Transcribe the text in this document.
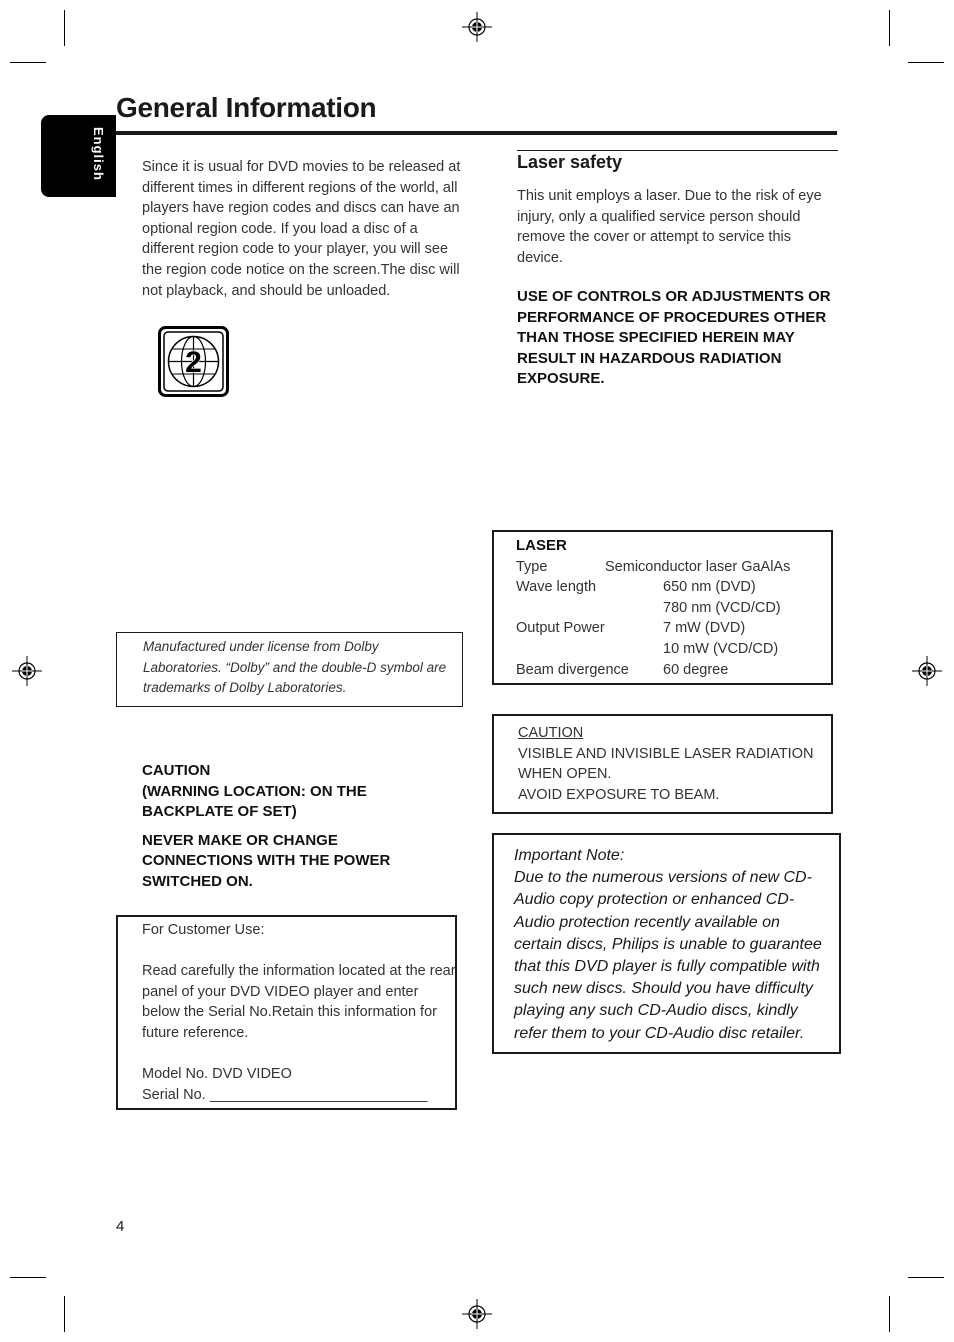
English
General Information

Since it is usual for DVD movies to be released at different times in different regions of the world, all players have region codes and discs can have an optional region code. If you load a disc of a different region code to your player, you will see the region code notice on the screen.The disc will not playback, and should be unloaded.

2
Laser safety

This unit employs a laser. Due to the risk of eye injury, only a qualified service person should remove the cover or attempt to service this device.

USE OF CONTROLS OR ADJUSTMENTS OR PERFORMANCE OF PROCEDURES OTHER THAN THOSE SPECIFIED HEREIN MAY RESULT IN HAZARDOUS RADIATION EXPOSURE.

LASER
Type	Semiconductor laser GaAlAs
Wave length	650 nm (DVD)
780 nm (VCD/CD)
Output Power	7 mW (DVD)
10 mW (VCD/CD)
Beam divergence	60 degree

Manufactured under license from Dolby Laboratories. “Dolby” and the double-D symbol are trademarks of Dolby Laboratories.

CAUTION
VISIBLE AND INVISIBLE LASER RADIATION
WHEN OPEN.
AVOID EXPOSURE TO BEAM.

CAUTION

(WARNING LOCATION: ON THE BACKPLATE OF SET)

NEVER MAKE OR CHANGE CONNECTIONS WITH THE POWER SWITCHED ON.

Important Note:

Due to the numerous versions of new CD-Audio copy protection or enhanced CD-Audio protection recently available on certain discs, Philips is unable to guarantee that this DVD player is fully compatible with such new discs. Should you have difficulty playing any such CD-Audio discs, kindly refer them to your CD-Audio disc retailer.

For Customer Use:

Read carefully the information located at the rear panel of your DVD VIDEO player and enter below the Serial No.Retain this information for future reference.

Model No. DVD VIDEO

Serial No. ___________________________

4
